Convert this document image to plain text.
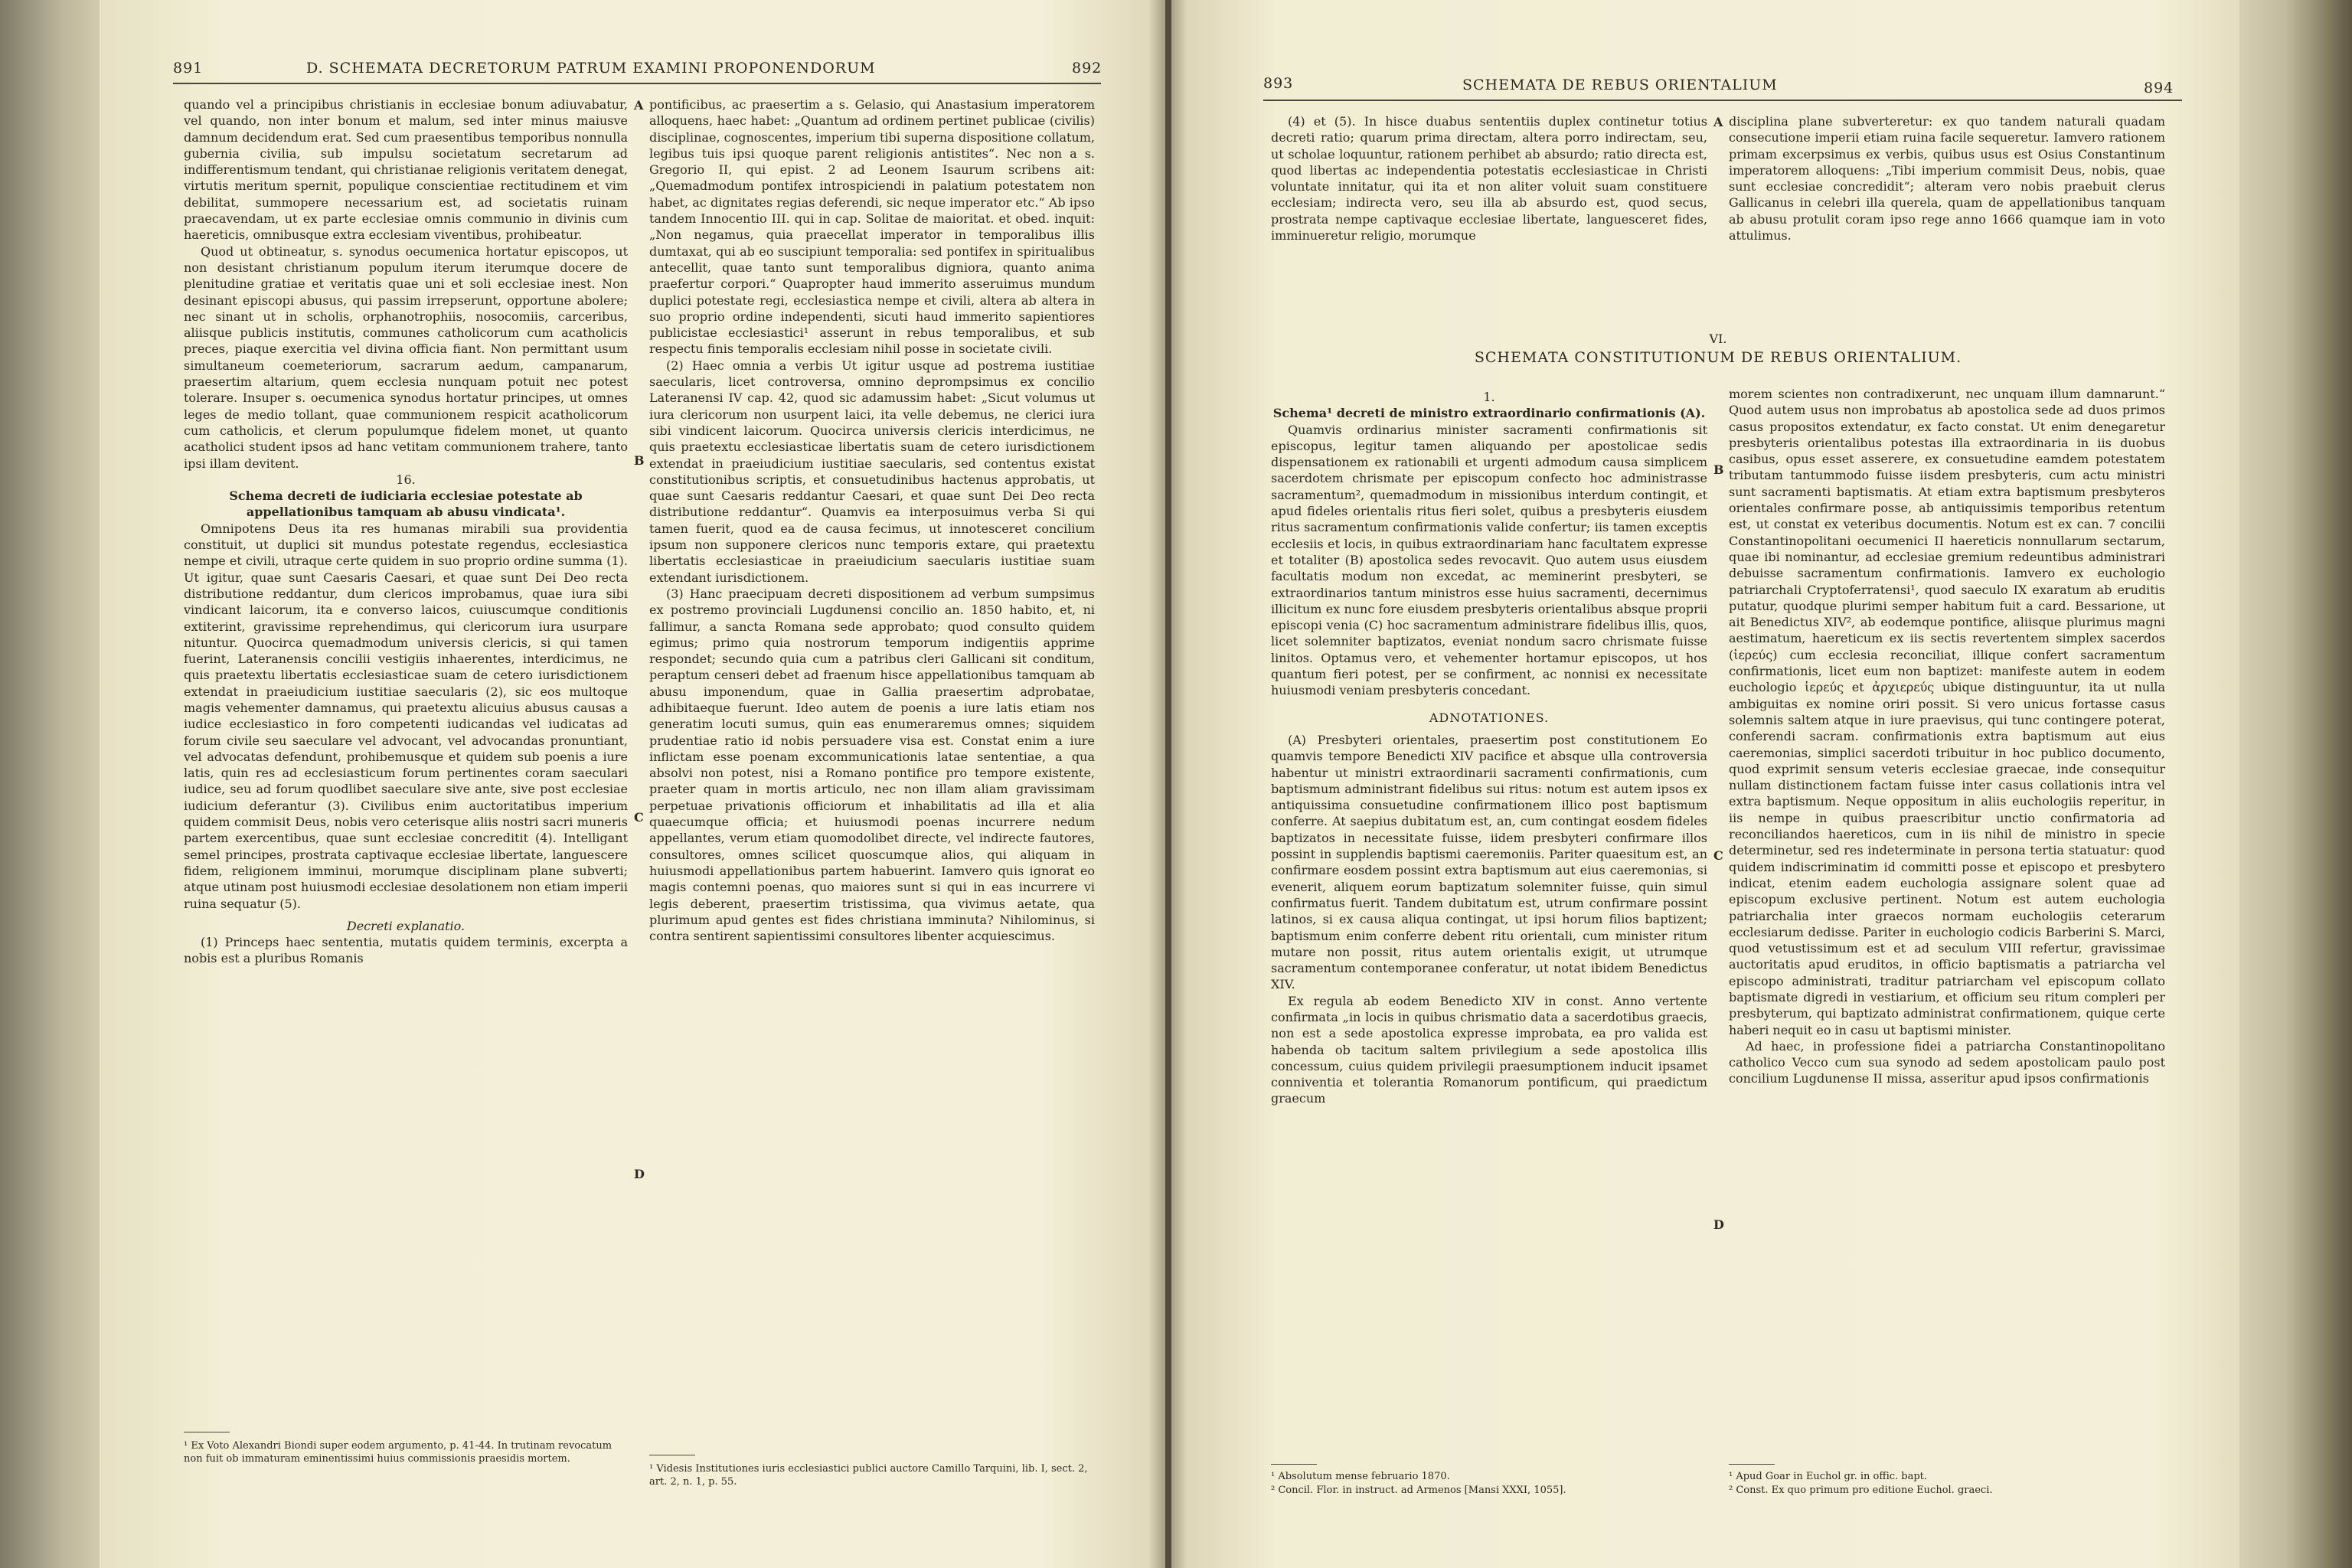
891	D. SCHEMATA DECRETORUM PATRUM EXAMINI PROPONENDORUM	892

quando vel a principibus christianis in ecclesiae bonum adiuvabatur, vel quando, non inter bonum et malum, sed inter minus maiusve damnum decidendum erat. Sed cum praesentibus temporibus nonnulla gubernia civilia, sub impulsu societatum secretarum ad indifferentismum tendant, qui christianae religionis veritatem denegat, virtutis meritum spernit, populique conscientiae rectitudinem et vim debilitat, summopere necessarium est, ad societatis ruinam praecavendam, ut ex parte ecclesiae omnis communio in divinis cum haereticis, omnibusque extra ecclesiam viventibus, prohibeatur.

Quod ut obtineatur, s. synodus oecumenica hortatur episcopos, ut non desistant christianum populum iterum iterumque docere de plenitudine gratiae et veritatis quae uni et soli ecclesiae inest. Non desinant episcopi abusus, qui passim irrepserunt, opportune abolere; nec sinant ut in scholis, orphanotrophiis, nosocomiis, carceribus, aliisque publicis institutis, communes catholicorum cum acatholicis preces, piaque exercitia vel divina officia fiant. Non permittant usum simultaneum coemeteriorum, sacrarum aedum, campanarum, praesertim altarium, quem ecclesia nunquam potuit nec potest tolerare. Insuper s. oecumenica synodus hortatur principes, ut omnes leges de medio tollant, quae communionem respicit acatholicorum cum catholicis, et clerum populumque fidelem monet, ut quanto acatholici student ipsos ad hanc vetitam communionem trahere, tanto ipsi illam devitent.

16.

Schema decreti de iudiciaria ecclesiae potestate ab appellationibus tamquam ab abusu vindicata¹.

Omnipotens Deus ita res humanas mirabili sua providentia constituit, ut duplici sit mundus potestate regendus, ecclesiastica nempe et civili, utraque certe quidem in suo proprio ordine summa (1). Ut igitur, quae sunt Caesaris Caesari, et quae sunt Dei Deo recta distributione reddantur, dum clericos improbamus, quae iura sibi vindicant laicorum, ita e converso laicos, cuiuscumque conditionis extiterint, gravissime reprehendimus, qui clericorum iura usurpare nituntur. Quocirca quemadmodum universis clericis, si qui tamen fuerint, Lateranensis concilii vestigiis inhaerentes, interdicimus, ne quis praetextu libertatis ecclesiasticae suam de cetero iurisdictionem extendat in praeiudicium iustitiae saecularis (2), sic eos multoque magis vehementer damnamus, qui praetextu alicuius abusus causas a iudice ecclesiastico in foro competenti iudicandas vel iudicatas ad forum civile seu saeculare vel advocant, vel advocandas pronuntiant, vel advocatas defendunt, prohibemusque et quidem sub poenis a iure latis, quin res ad ecclesiasticum forum pertinentes coram saeculari iudice, seu ad forum quodlibet saeculare sive ante, sive post ecclesiae iudicium deferantur (3). Civilibus enim auctoritatibus imperium quidem commisit Deus, nobis vero ceterisque aliis nostri sacri muneris partem exercentibus, quae sunt ecclesiae concreditit (4). Intelligant semel principes, prostrata captivaque ecclesiae libertate, languescere fidem, religionem imminui, morumque disciplinam plane subverti; atque utinam post huiusmodi ecclesiae desolationem non etiam imperii ruina sequatur (5).

Decreti explanatio.

(1) Princeps haec sententia, mutatis quidem terminis, excerpta a nobis est a pluribus Romanis

¹ Ex Voto Alexandri Biondi super eodem argumento, p. 41-44. In trutinam revocatum non fuit ob immaturam eminentissimi huius commissionis praesidis mortem.
A
B
C
D

pontificibus, ac praesertim a s. Gelasio, qui Anastasium imperatorem alloquens, haec habet: „Quantum ad ordinem pertinet publicae (civilis) disciplinae, cognoscentes, imperium tibi superna dispositione collatum, legibus tuis ipsi quoque parent religionis antistites“. Nec non a s. Gregorio II, qui epist. 2 ad Leonem Isaurum scribens ait: „Quemadmodum pontifex introspiciendi in palatium potestatem non habet, ac dignitates regias deferendi, sic neque imperator etc.“ Ab ipso tandem Innocentio III. qui in cap. Solitae de maioritat. et obed. inquit: „Non negamus, quia praecellat imperator in temporalibus illis dumtaxat, qui ab eo suscipiunt temporalia: sed pontifex in spiritualibus antecellit, quae tanto sunt temporalibus digniora, quanto anima praefertur corpori.“ Quapropter haud immerito asseruimus mundum duplici potestate regi, ecclesiastica nempe et civili, altera ab altera in suo proprio ordine independenti, sicuti haud immerito sapientiores publicistae ecclesiastici¹ asserunt in rebus temporalibus, et sub respectu finis temporalis ecclesiam nihil posse in societate civili.

(2) Haec omnia a verbis Ut igitur usque ad postrema iustitiae saecularis, licet controversa, omnino deprompsimus ex concilio Lateranensi IV cap. 42, quod sic adamussim habet: „Sicut volumus ut iura clericorum non usurpent laici, ita velle debemus, ne clerici iura sibi vindicent laicorum. Quocirca universis clericis interdicimus, ne quis praetextu ecclesiasticae libertatis suam de cetero iurisdictionem extendat in praeiudicium iustitiae saecularis, sed contentus existat constitutionibus scriptis, et consuetudinibus hactenus approbatis, ut quae sunt Caesaris reddantur Caesari, et quae sunt Dei Deo recta distributione reddantur“. Quamvis ea interposuimus verba Si qui tamen fuerit, quod ea de causa fecimus, ut innotesceret concilium ipsum non supponere clericos nunc temporis extare, qui praetextu libertatis ecclesiasticae in praeiudicium saecularis iustitiae suam extendant iurisdictionem.

(3) Hanc praecipuam decreti dispositionem ad verbum sumpsimus ex postremo provinciali Lugdunensi concilio an. 1850 habito, et, ni fallimur, a sancta Romana sede approbato; quod consulto quidem egimus; primo quia nostrorum temporum indigentiis apprime respondet; secundo quia cum a patribus cleri Gallicani sit conditum, peraptum censeri debet ad fraenum hisce appellationibus tamquam ab abusu imponendum, quae in Gallia praesertim adprobatae, adhibitaeque fuerunt. Ideo autem de poenis a iure latis etiam nos generatim locuti sumus, quin eas enumeraremus omnes; siquidem prudentiae ratio id nobis persuadere visa est. Constat enim a iure inflictam esse poenam excommunicationis latae sententiae, a qua absolvi non potest, nisi a Romano pontifice pro tempore existente, praeter quam in mortis articulo, nec non illam aliam gravissimam perpetuae privationis officiorum et inhabilitatis ad illa et alia quaecumque officia; et huiusmodi poenas incurrere nedum appellantes, verum etiam quomodolibet directe, vel indirecte fautores, consultores, omnes scilicet quoscumque alios, qui aliquam in huiusmodi appellationibus partem habuerint. Iamvero quis ignorat eo magis contemni poenas, quo maiores sunt si qui in eas incurrere vi legis deberent, praesertim tristissima, qua vivimus aetate, qua plurimum apud gentes est fides christiana imminuta? Nihilominus, si contra sentirent sapientissimi consultores libenter acquiescimus.

¹ Videsis Institutiones iuris ecclesiastici publici auctore Camillo Tarquini, lib. I, sect. 2, art. 2, n. 1, p. 55.
893	SCHEMATA DE REBUS ORIENTALIUM	894

(4) et (5). In hisce duabus sententiis duplex continetur totius decreti ratio; quarum prima directam, altera porro indirectam, seu, ut scholae loquuntur, rationem perhibet ab absurdo; ratio directa est, quod libertas ac independentia potestatis ecclesiasticae in Christi voluntate innitatur, qui ita et non aliter voluit suam constituere ecclesiam; indirecta vero, seu illa ab absurdo est, quod secus, prostrata nempe captivaque ecclesiae libertate, languesceret fides, imminueretur religio, morumque

disciplina plane subverteretur: ex quo tandem naturali quadam consecutione imperii etiam ruina facile sequeretur. Iamvero rationem primam excerpsimus ex verbis, quibus usus est Osius Constantinum imperatorem alloquens: „Tibi imperium commisit Deus, nobis, quae sunt ecclesiae concredidit“; alteram vero nobis praebuit clerus Gallicanus in celebri illa querela, quam de appellationibus tanquam ab abusu protulit coram ipso rege anno 1666 quamque iam in voto attulimus.

VI.
SCHEMATA CONSTITUTIONUM DE REBUS ORIENTALIUM.
A
B
C
D

1.

Schema¹ decreti de ministro extraordinario confirmationis (A).

Quamvis ordinarius minister sacramenti confirmationis sit episcopus, legitur tamen aliquando per apostolicae sedis dispensationem ex rationabili et urgenti admodum causa simplicem sacerdotem chrismate per episcopum confecto hoc administrasse sacramentum², quemadmodum in missionibus interdum contingit, et apud fideles orientalis ritus fieri solet, quibus a presbyteris eiusdem ritus sacramentum confirmationis valide confertur; iis tamen exceptis ecclesiis et locis, in quibus extraordinariam hanc facultatem expresse et totaliter (B) apostolica sedes revocavit. Quo autem usus eiusdem facultatis modum non excedat, ac meminerint presbyteri, se extraordinarios tantum ministros esse huius sacramenti, decernimus illicitum ex nunc fore eiusdem presbyteris orientalibus absque proprii episcopi venia (C) hoc sacramentum administrare fidelibus illis, quos, licet solemniter baptizatos, eveniat nondum sacro chrismate fuisse linitos. Optamus vero, et vehementer hortamur episcopos, ut hos quantum fieri potest, per se confirment, ac nonnisi ex necessitate huiusmodi veniam presbyteris concedant.

ADNOTATIONES.

(A) Presbyteri orientales, praesertim post constitutionem Eo quamvis tempore Benedicti XIV pacifice et absque ulla controversia habentur ut ministri extraordinarii sacramenti confirmationis, cum baptismum administrant fidelibus sui ritus: notum est autem ipsos ex antiquissima consuetudine confirmationem illico post baptismum conferre. At saepius dubitatum est, an, cum contingat eosdem fideles baptizatos in necessitate fuisse, iidem presbyteri confirmare illos possint in supplendis baptismi caeremoniis. Pariter quaesitum est, an confirmare eosdem possint extra baptismum aut eius caeremonias, si evenerit, aliquem eorum baptizatum solemniter fuisse, quin simul confirmatus fuerit. Tandem dubitatum est, utrum confirmare possint latinos, si ex causa aliqua contingat, ut ipsi horum filios baptizent; baptismum enim conferre debent ritu orientali, cum minister ritum mutare non possit, ritus autem orientalis exigit, ut utrumque sacramentum contemporanee conferatur, ut notat ibidem Benedictus XIV.

Ex regula ab eodem Benedicto XIV in const. Anno vertente confirmata „in locis in quibus chrismatio data a sacerdotibus graecis, non est a sede apostolica expresse improbata, ea pro valida est habenda ob tacitum saltem privilegium a sede apostolica illis concessum, cuius quidem privilegii praesumptionem inducit ipsamet conniventia et tolerantia Romanorum pontificum, qui praedictum graecum

¹ Absolutum mense februario 1870.
² Concil. Flor. in instruct. ad Armenos [Mansi XXXI, 1055].

morem scientes non contradixerunt, nec unquam illum damnarunt.“ Quod autem usus non improbatus ab apostolica sede ad duos primos casus propositos extendatur, ex facto constat. Ut enim denegaretur presbyteris orientalibus potestas illa extraordinaria in iis duobus casibus, opus esset asserere, ex consuetudine eamdem potestatem tributam tantummodo fuisse iisdem presbyteris, cum actu ministri sunt sacramenti baptismatis. At etiam extra baptismum presbyteros orientales confirmare posse, ab antiquissimis temporibus retentum est, ut constat ex veteribus documentis. Notum est ex can. 7 concilii Constantinopolitani oecumenici II haereticis nonnullarum sectarum, quae ibi nominantur, ad ecclesiae gremium redeuntibus administrari debuisse sacramentum confirmationis. Iamvero ex euchologio patriarchali Cryptoferratensi¹, quod saeculo IX exaratum ab eruditis putatur, quodque plurimi semper habitum fuit a card. Bessarione, ut ait Benedictus XIV², ab eodemque pontifice, aliisque plurimus magni aestimatum, haereticum ex iis sectis revertentem simplex sacerdos (ἱερεύς) cum ecclesia reconciliat, illique confert sacramentum confirmationis, licet eum non baptizet: manifeste autem in eodem euchologio ἱερεύς et ἀρχιερεύς ubique distinguuntur, ita ut nulla ambiguitas ex nomine oriri possit. Si vero unicus fortasse casus solemnis saltem atque in iure praevisus, qui tunc contingere poterat, conferendi sacram. confirmationis extra baptismum aut eius caeremonias, simplici sacerdoti tribuitur in hoc publico documento, quod exprimit sensum veteris ecclesiae graecae, inde consequitur nullam distinctionem factam fuisse inter casus collationis intra vel extra baptismum. Neque oppositum in aliis euchologiis reperitur, in iis nempe in quibus praescribitur unctio confirmatoria ad reconciliandos haereticos, cum in iis nihil de ministro in specie determinetur, sed res indeterminate in persona tertia statuatur: quod quidem indiscriminatim id committi posse et episcopo et presbytero indicat, etenim eadem euchologia assignare solent quae ad episcopum exclusive pertinent. Notum est autem euchologia patriarchalia inter graecos normam euchologiis ceterarum ecclesiarum dedisse. Pariter in euchologio codicis Barberini S. Marci, quod vetustissimum est et ad seculum VIII refertur, gravissimae auctoritatis apud eruditos, in officio baptismatis a patriarcha vel episcopo administrati, traditur patriarcham vel episcopum collato baptismate digredi in vestiarium, et officium seu ritum compleri per presbyterum, qui baptizato administrat confirmationem, quique certe haberi nequit eo in casu ut baptismi minister.

Ad haec, in professione fidei a patriarcha Constantinopolitano catholico Vecco cum sua synodo ad sedem apostolicam paulo post concilium Lugdunense II missa, asseritur apud ipsos confirmationis

¹ Apud Goar in Euchol gr. in offic. bapt.
² Const. Ex quo primum pro editione Euchol. graeci.
